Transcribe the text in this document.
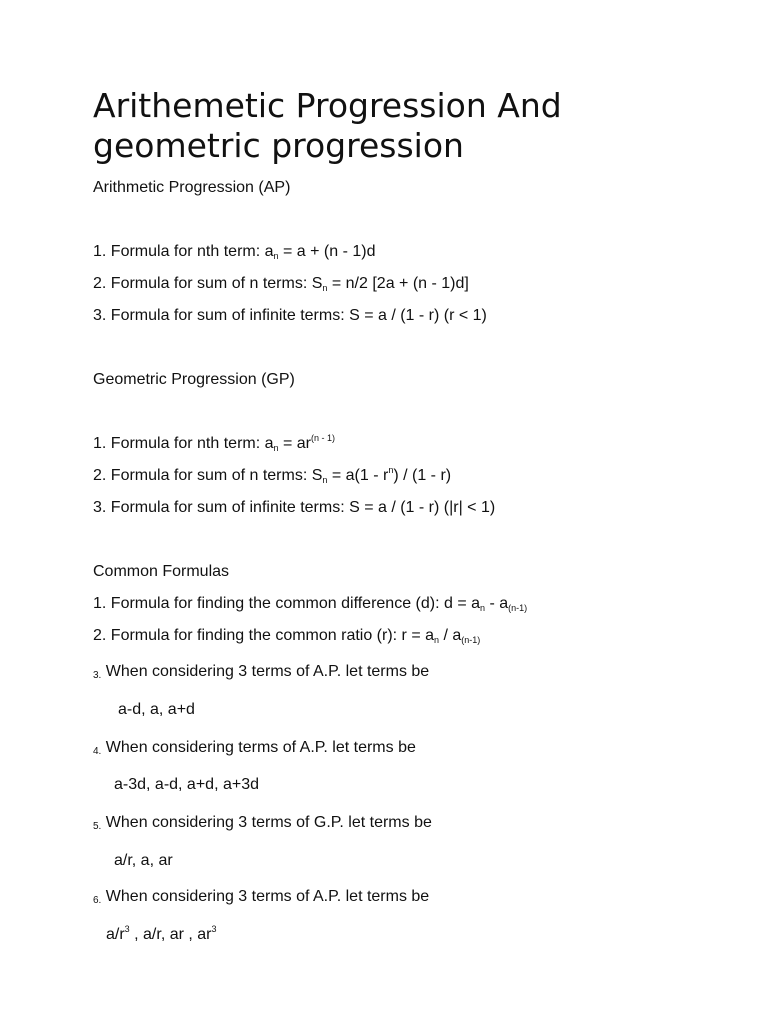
Arithemetic Progression And
geometric progression

Arithmetic Progression (AP)

1. Formula for nth term: $a_n = a + (n - 1)d$

2. Formula for sum of n terms: $S_n = n/2$ [2a + (n - 1)d]

3. Formula for sum of infinite terms: S = a / (1 - r) (r < 1)

Geometric Progression (GP)

1. Formula for nth term: $a_n = ar^{(n - 1)}$

2. Formula for sum of n terms: $S_n = a(1 - r^n) / (1 - r)$

3. Formula for sum of infinite terms: S = a / (1 - r) (|r| < 1)

Common Formulas

1. Formula for finding the common difference (d): $d = a_n - a_{(n-1)}$

2. Formula for finding the common ratio (r): $r = a_n / a_{(n-1)}$

3. When considering 3 terms of A.P. let terms be

a-d, a, a+d

4. When considering terms of A.P. let terms be

a-3d, a-d, a+d, a+3d

5. When considering 3 terms of G.P. let terms be

a/r, a, ar

6. When considering 3 terms of A.P. let terms be

$a/r^3$ , a/r, ar , $ar^3$
